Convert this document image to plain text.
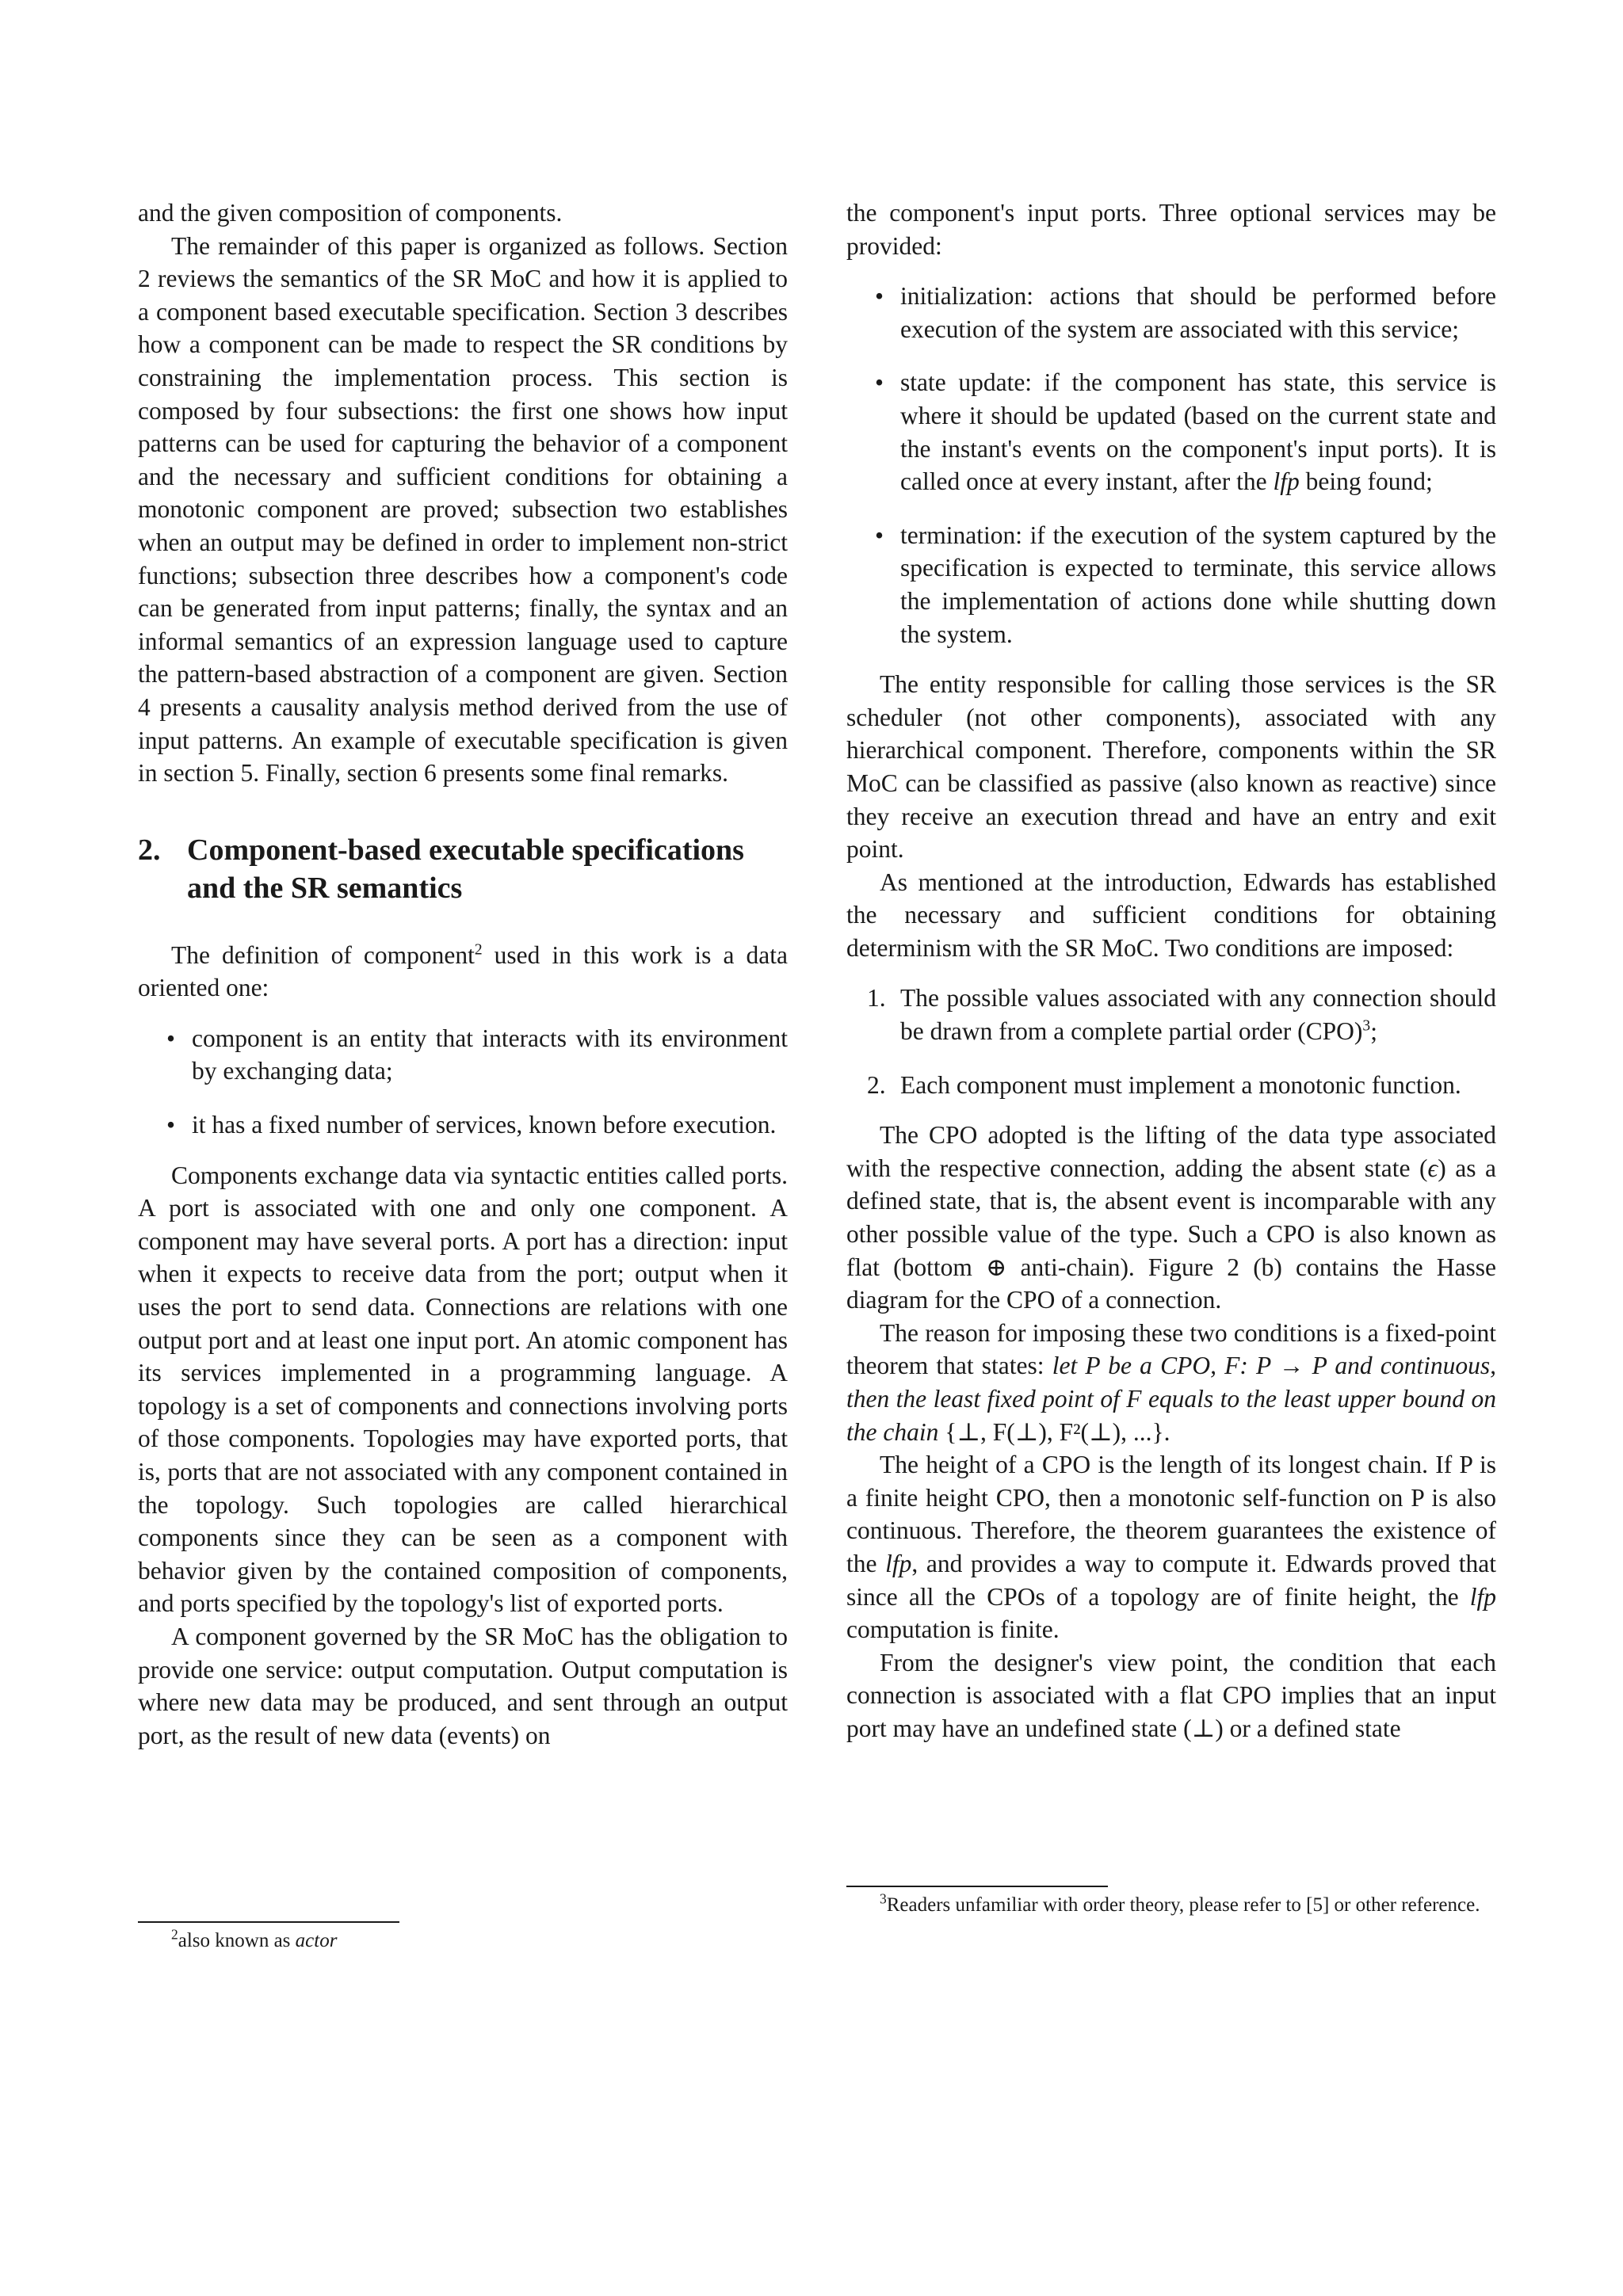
and the given composition of components.

The remainder of this paper is organized as follows. Section 2 reviews the semantics of the SR MoC and how it is applied to a component based executable specification. Section 3 describes how a component can be made to respect the SR conditions by constraining the implementation process. This section is composed by four subsections: the first one shows how input patterns can be used for capturing the behavior of a component and the necessary and sufficient conditions for obtaining a monotonic component are proved; subsection two establishes when an output may be defined in order to implement non-strict functions; subsection three describes how a component's code can be generated from input patterns; finally, the syntax and an informal semantics of an expression language used to capture the pattern-based abstraction of a component are given. Section 4 presents a causality analysis method derived from the use of input patterns. An example of executable specification is given in section 5. Finally, section 6 presents some final remarks.

2. Component-based executable specifications and the SR semantics

The definition of component$^2$ used in this work is a data oriented one:

• component is an entity that interacts with its environment by exchanging data;
• it has a fixed number of services, known before execution.

Components exchange data via syntactic entities called ports. A port is associated with one and only one component. A component may have several ports. A port has a direction: input when it expects to receive data from the port; output when it uses the port to send data. Connections are relations with one output port and at least one input port. An atomic component has its services implemented in a programming language. A topology is a set of components and connections involving ports of those components. Topologies may have exported ports, that is, ports that are not associated with any component contained in the topology. Such topologies are called hierarchical components since they can be seen as a component with behavior given by the contained composition of components, and ports specified by the topology's list of exported ports.

A component governed by the SR MoC has the obligation to provide one service: output computation. Output computation is where new data may be produced, and sent through an output port, as the result of new data (events) on

$^2$also known as actor

the component's input ports. Three optional services may be provided:

• initialization: actions that should be performed before execution of the system are associated with this service;
• state update: if the component has state, this service is where it should be updated (based on the current state and the instant's events on the component's input ports). It is called once at every instant, after the lfp being found;
• termination: if the execution of the system captured by the specification is expected to terminate, this service allows the implementation of actions done while shutting down the system.

The entity responsible for calling those services is the SR scheduler (not other components), associated with any hierarchical component. Therefore, components within the SR MoC can be classified as passive (also known as reactive) since they receive an execution thread and have an entry and exit point.

As mentioned at the introduction, Edwards has established the necessary and sufficient conditions for obtaining determinism with the SR MoC. Two conditions are imposed:

1. The possible values associated with any connection should be drawn from a complete partial order (CPO)$^3$;
2. Each component must implement a monotonic function.

The CPO adopted is the lifting of the data type associated with the respective connection, adding the absent state (ϵ) as a defined state, that is, the absent event is incomparable with any other possible value of the type. Such a CPO is also known as flat (bottom ⊕ anti-chain). Figure 2 (b) contains the Hasse diagram for the CPO of a connection.

The reason for imposing these two conditions is a fixed-point theorem that states: let P be a CPO, F: P → P and continuous, then the least fixed point of F equals to the least upper bound on the chain {⊥, F(⊥), F²(⊥), ...}.

The height of a CPO is the length of its longest chain. If P is a finite height CPO, then a monotonic self-function on P is also continuous. Therefore, the theorem guarantees the existence of the lfp, and provides a way to compute it. Edwards proved that since all the CPOs of a topology are of finite height, the lfp computation is finite.

From the designer's view point, the condition that each connection is associated with a flat CPO implies that an input port may have an undefined state (⊥) or a defined state

$^3$Readers unfamiliar with order theory, please refer to [5] or other reference.
